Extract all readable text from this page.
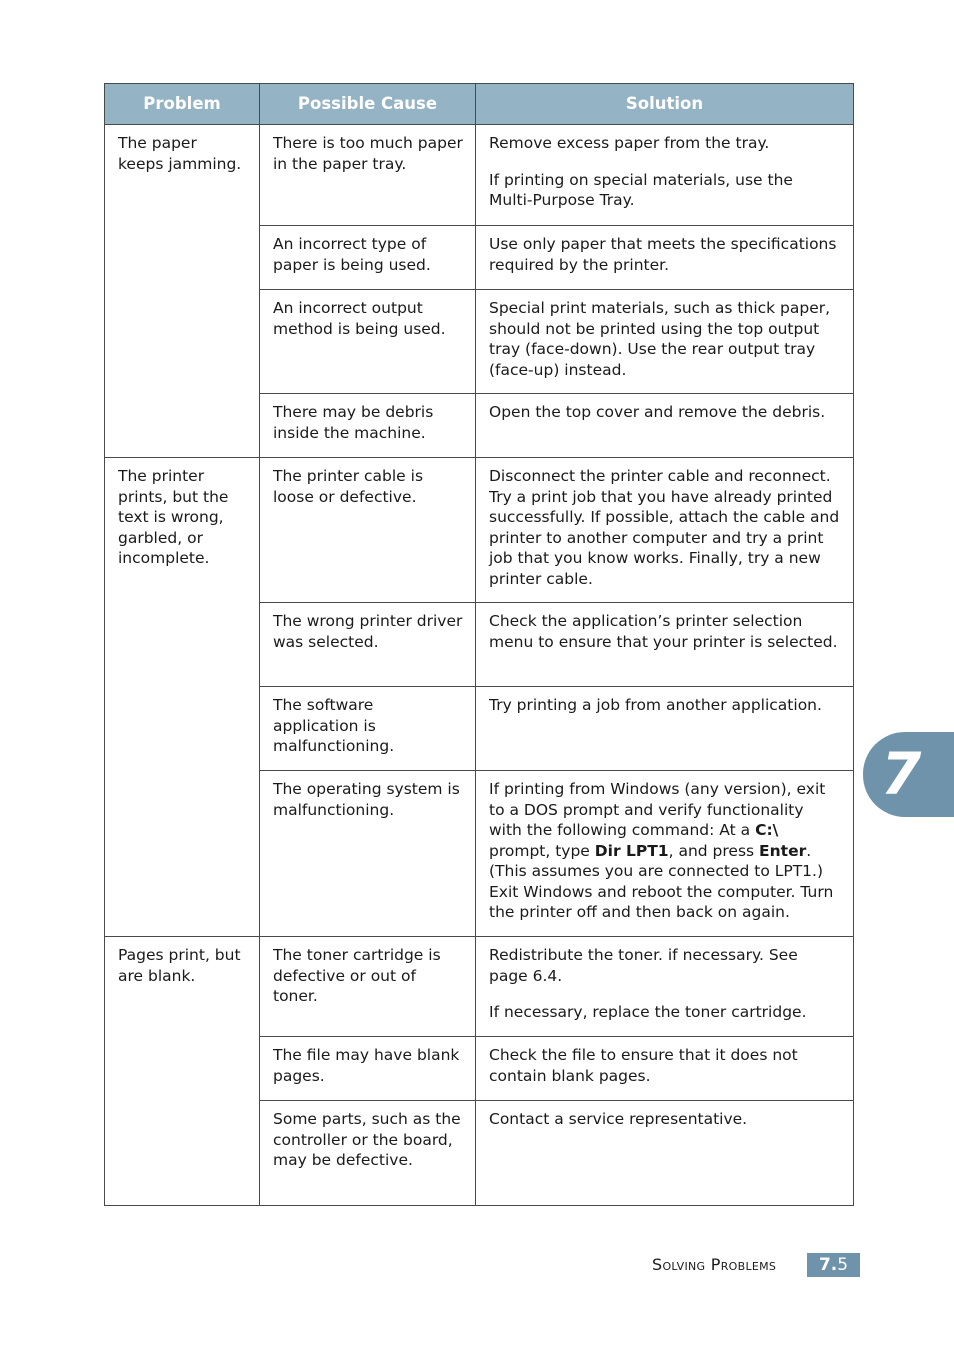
Problem	Possible Cause	Solution
The paper keeps jamming.	There is too much paper in the paper tray.	Remove excess paper from the tray.

If printing on special materials, use the Multi-Purpose Tray.

	An incorrect type of paper is being used.	Use only paper that meets the specifications required by the printer.

	An incorrect output method is being used.	Special print materials, such as thick paper, should not be printed using the top output tray (face-down). Use the rear output tray (face-up) instead.

	There may be debris inside the machine.	Open the top cover and remove the debris.

The printer prints, but the text is wrong, garbled, or incomplete.	The printer cable is loose or defective.	Disconnect the printer cable and reconnect. Try a print job that you have already printed successfully. If possible, attach the cable and printer to another computer and try a print job that you know works. Finally, try a new printer cable.

	The wrong printer driver was selected.	Check the application’s printer selection menu to ensure that your printer is selected.

	The software application is malfunctioning.	Try printing a job from another application.

	The operating system is malfunctioning.	If printing from Windows (any version), exit to a DOS prompt and verify functionality with the following command: At a C:\ prompt, type Dir LPT1, and press Enter. (This assumes you are connected to LPT1.) Exit Windows and reboot the computer. Turn the printer off and then back on again.

Pages print, but are blank.	The toner cartridge is defective or out of toner.	Redistribute the toner. if necessary. See page 6.4.

If necessary, replace the toner cartridge.

	The file may have blank pages.	Check the file to ensure that it does not contain blank pages.

	Some parts, such as the controller or the board, may be defective.	Contact a service representative.

7
Solving Problems	7.5
